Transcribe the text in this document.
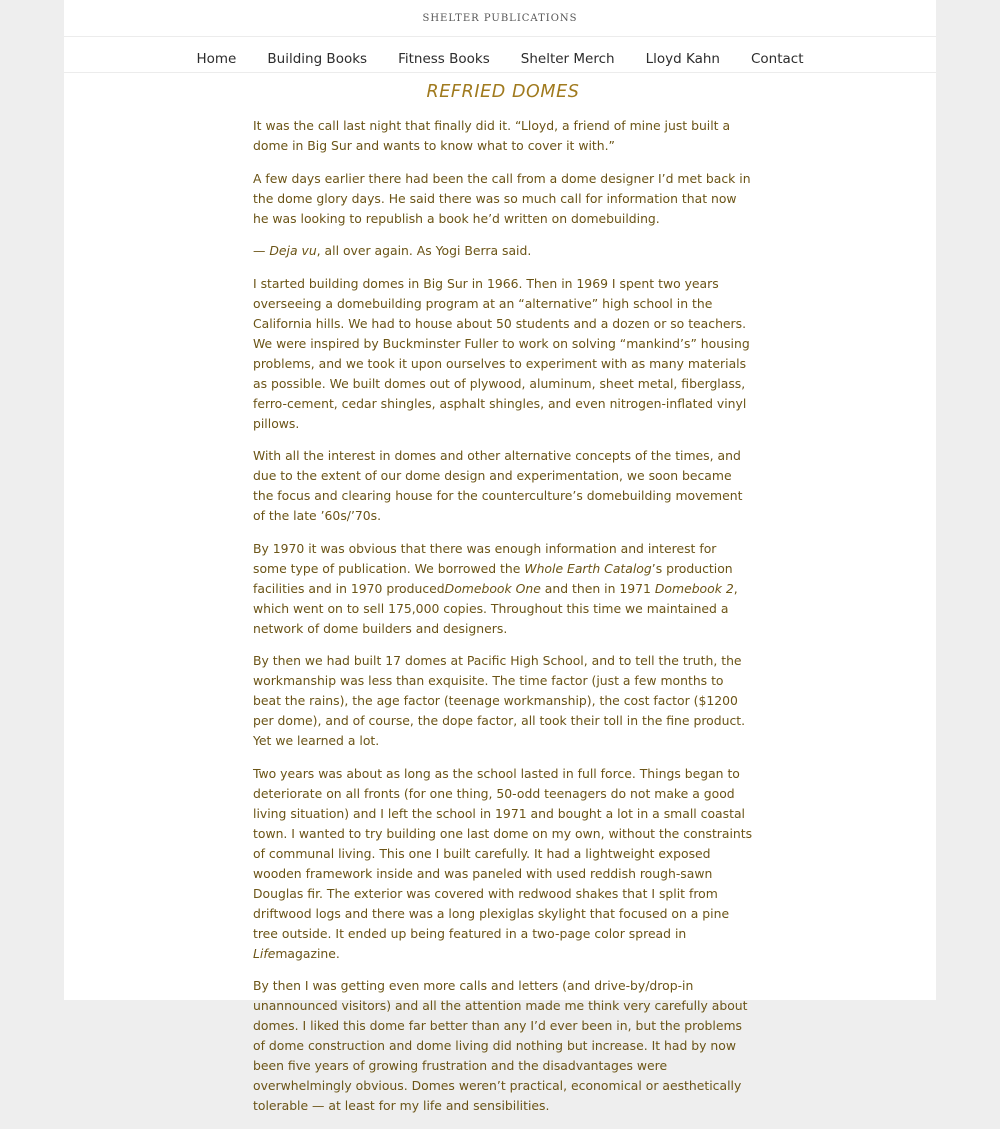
SHELTER PUBLICATIONS
Home	Building Books	Fitness Books	Shelter Merch	Lloyd Kahn	Contact
REFRIED DOMES

It was the call last night that finally did it. “Lloyd, a friend of mine just built a dome in Big Sur and wants to know what to cover it with.”

A few days earlier there had been the call from a dome designer I’d met back in the dome glory days. He said there was so much call for information that now he was looking to republish a book he’d written on domebuilding.

— Deja vu, all over again. As Yogi Berra said.

I started building domes in Big Sur in 1966. Then in 1969 I spent two years overseeing a domebuilding program at an “alternative” high school in the California hills. We had to house about 50 students and a dozen or so teachers. We were inspired by Buckminster Fuller to work on solving “mankind’s” housing problems, and we took it upon ourselves to experiment with as many materials as possible. We built domes out of plywood, aluminum, sheet metal, fiberglass, ferro-cement, cedar shingles, asphalt shingles, and even nitrogen-inflated vinyl pillows.

With all the interest in domes and other alternative concepts of the times, and due to the extent of our dome design and experimentation, we soon became the focus and clearing house for the counterculture’s domebuilding movement of the late ’60s/’70s.

By 1970 it was obvious that there was enough information and interest for some type of publication. We borrowed the Whole Earth Catalog’s production facilities and in 1970 producedDomebook One and then in 1971 Domebook 2, which went on to sell 175,000 copies. Throughout this time we maintained a network of dome builders and designers.

By then we had built 17 domes at Pacific High School, and to tell the truth, the workmanship was less than exquisite. The time factor (just a few months to beat the rains), the age factor (teenage workmanship), the cost factor ($1200 per dome), and of course, the dope factor, all took their toll in the fine product. Yet we learned a lot.

Two years was about as long as the school lasted in full force. Things began to deteriorate on all fronts (for one thing, 50-odd teenagers do not make a good living situation) and I left the school in 1971 and bought a lot in a small coastal town. I wanted to try building one last dome on my own, without the constraints of communal living. This one I built carefully. It had a lightweight exposed wooden framework inside and was paneled with used reddish rough-sawn Douglas fir. The exterior was covered with redwood shakes that I split from driftwood logs and there was a long plexiglas skylight that focused on a pine tree outside. It ended up being featured in a two-page color spread in Lifemagazine.

By then I was getting even more calls and letters (and drive-by/drop-in unannounced visitors) and all the attention made me think very carefully about domes. I liked this dome far better than any I’d ever been in, but the problems of dome construction and dome living did nothing but increase. It had by now been five years of growing frustration and the disadvantages were overwhelmingly obvious. Domes weren’t practical, economical or aesthetically tolerable — at least for my life and sensibilities.
